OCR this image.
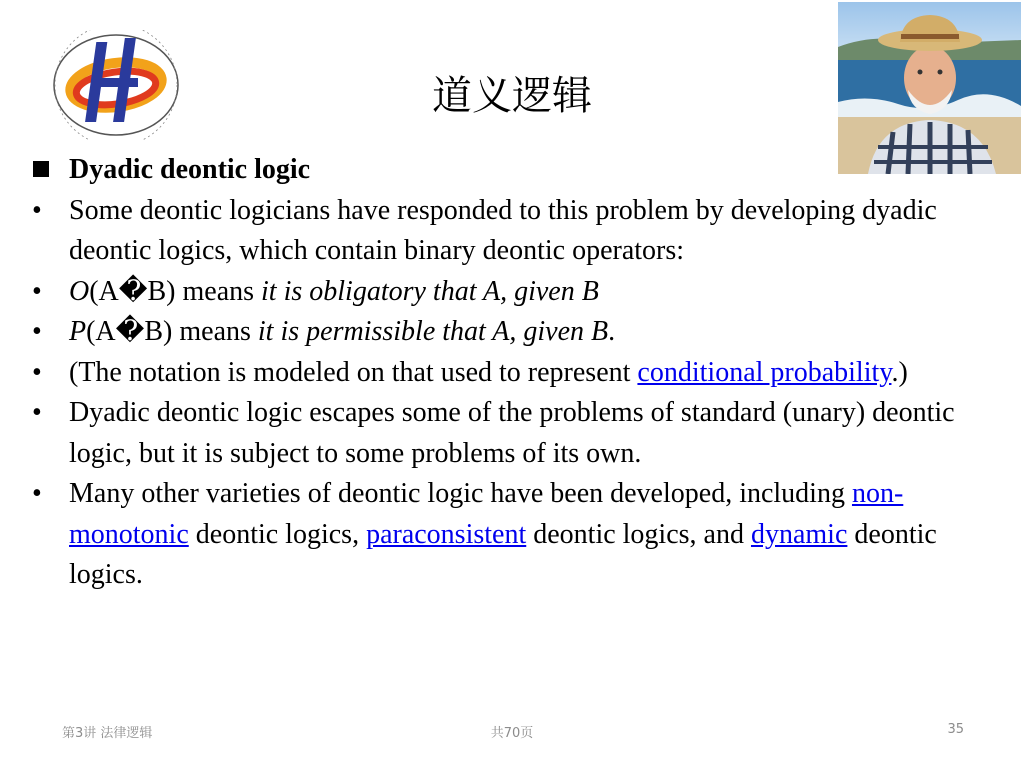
道义逻辑
Dyadic deontic logic
• Some deontic logicians have responded to this problem by developing dyadic deontic logics, which contain binary deontic operators:
• O(A�B) means it is obligatory that A, given B
• P(A�B) means it is permissible that A, given B.
• (The notation is modeled on that used to represent conditional probability.)
• Dyadic deontic logic escapes some of the problems of standard (unary) deontic logic, but it is subject to some problems of its own.
• Many other varieties of deontic logic have been developed, including non-monotonic deontic logics, paraconsistent deontic logics, and dynamic deontic logics.
第3讲 法律逻辑	共70页	35
